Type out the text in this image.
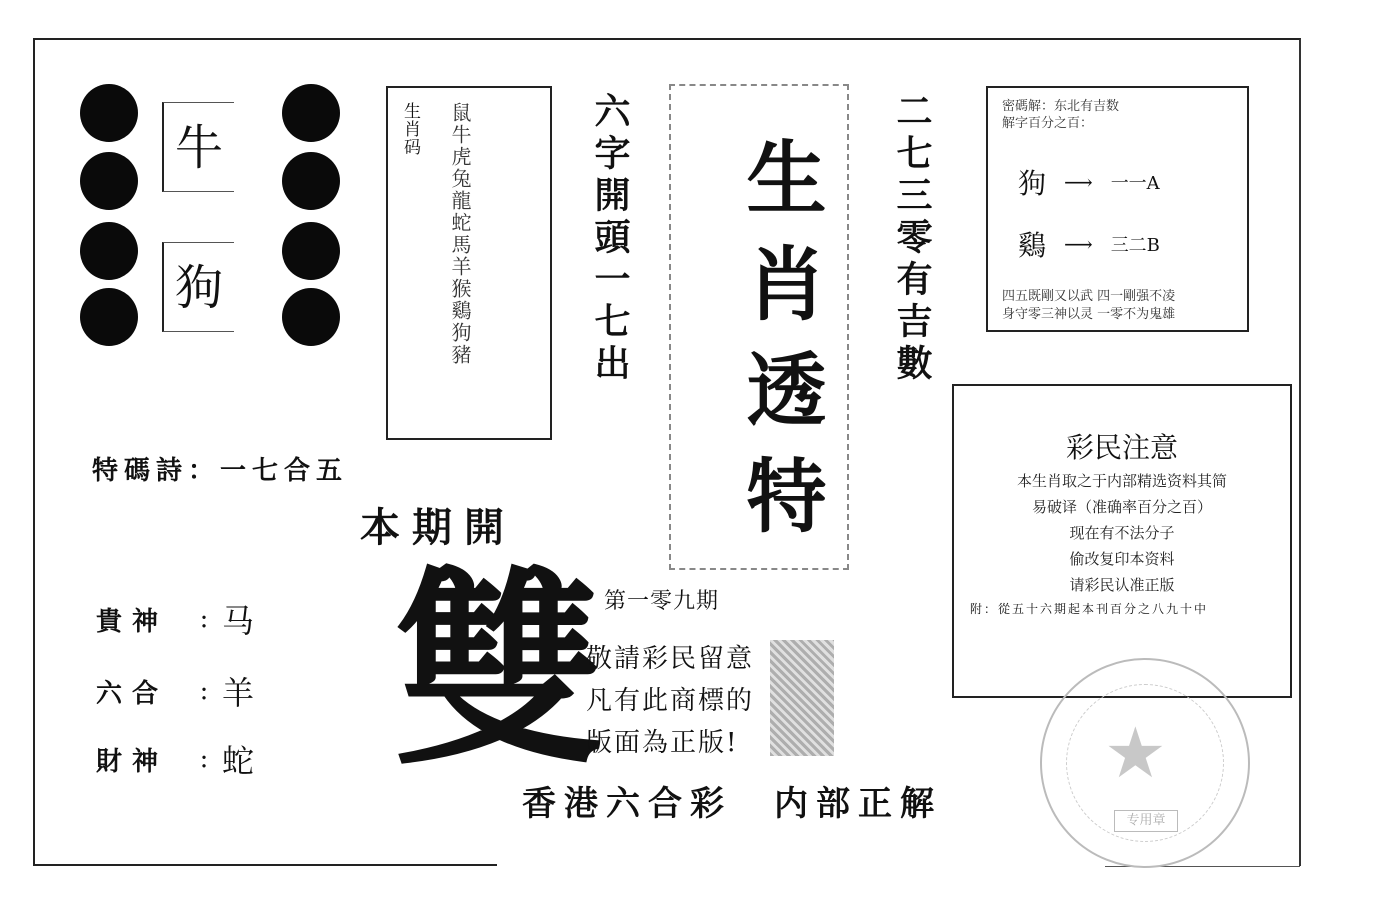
牛
狗
生肖码 鼠牛虎兔龍蛇馬羊猴鷄狗豬	六字開頭一七出	二七三零有吉數
生肖透特
密碼解：东北有吉数
解字百分之百：
狗 ⟶ 一一A
鷄 ⟶ 三二B
四五既剛又以武 四一剛强不凌
身守零三神以灵 一零不为鬼雄
彩民注意
本生肖取之于内部精选资料其简
易破译（准确率百分之百）
现在有不法分子
偷改复印本资料
请彩民认准正版
附：從五十六期起本刊百分之八九十中
★
专用章
特碼詩：一七合五
本期開
雙
貴神	: 马
六合	: 羊
財神	: 蛇
第一零九期
敬請彩民留意
凡有此商標的
版面為正版!
香港六合彩　内部正解
